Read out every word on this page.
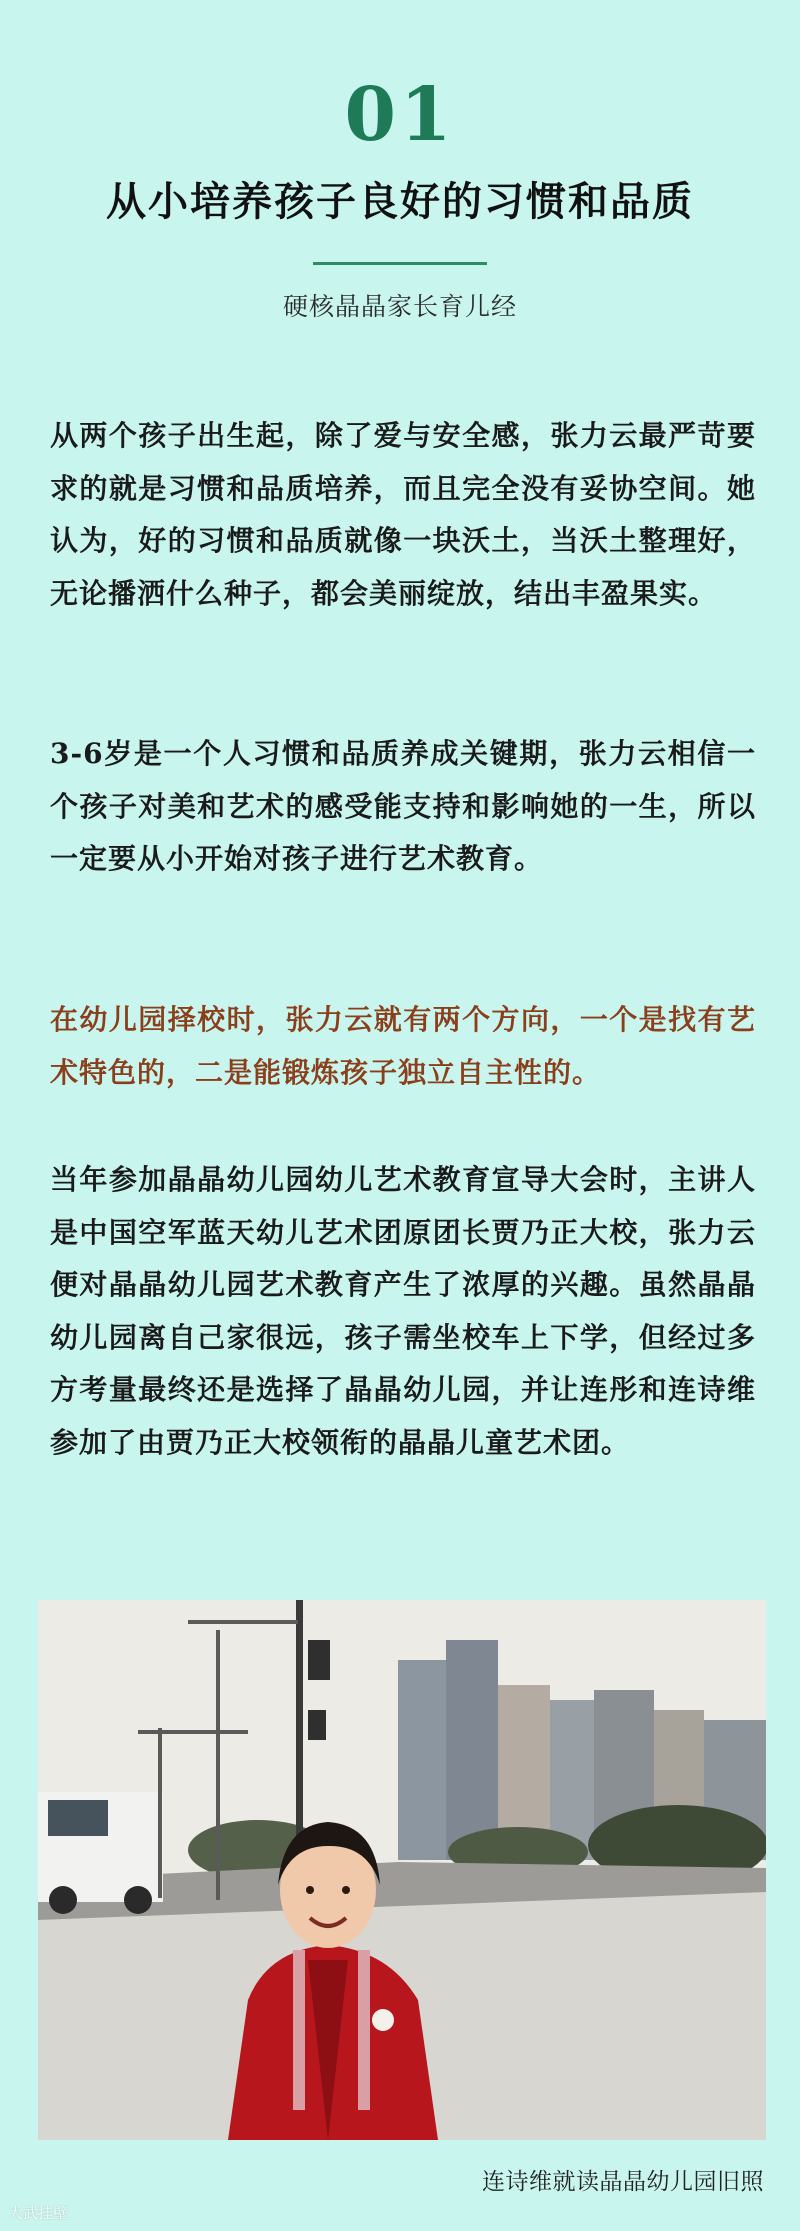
01
从小培养孩子良好的习惯和品质
硬核晶晶家长育儿经

从两个孩子出生起，除了爱与安全感，张力云最严苛要求的就是习惯和品质培养，而且完全没有妥协空间。她认为，好的习惯和品质就像一块沃土，当沃土整理好，无论播洒什么种子，都会美丽绽放，结出丰盈果实。

3-6岁是一个人习惯和品质养成关键期，张力云相信一个孩子对美和艺术的感受能支持和影响她的一生，所以一定要从小开始对孩子进行艺术教育。

在幼儿园择校时，张力云就有两个方向，一个是找有艺术特色的，二是能锻炼孩子独立自主性的。

当年参加晶晶幼儿园幼儿艺术教育宣导大会时，主讲人是中国空军蓝天幼儿艺术团原团长贾乃正大校，张力云便对晶晶幼儿园艺术教育产生了浓厚的兴趣。虽然晶晶幼儿园离自己家很远，孩子需坐校车上下学，但经过多方考量最终还是选择了晶晶幼儿园，并让连彤和连诗维参加了由贾乃正大校领衔的晶晶儿童艺术团。

连诗维就读晶晶幼儿园旧照
大武挂壁
